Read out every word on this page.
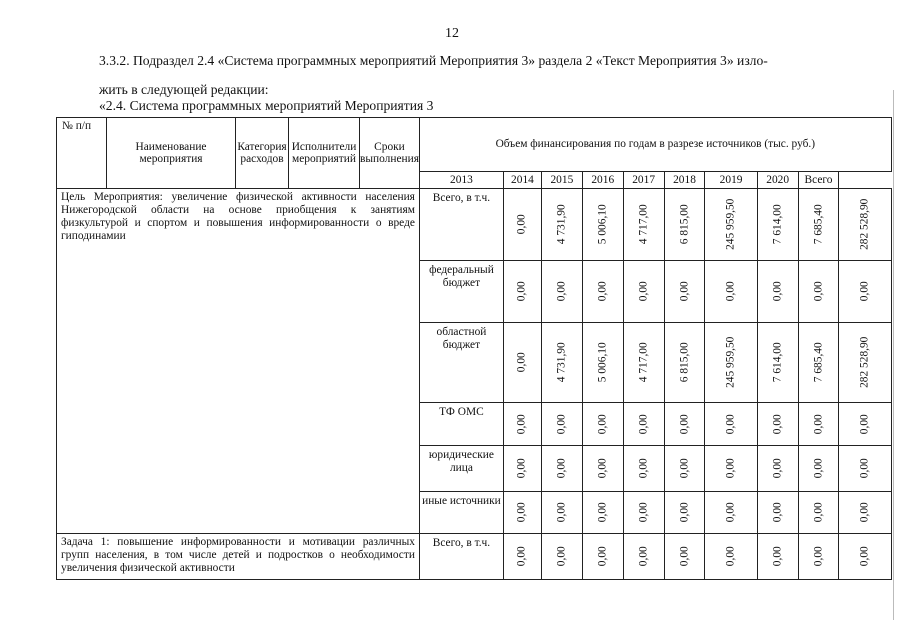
12
3.3.2. Подраздел 2.4 «Система программных мероприятий Мероприятия 3» раздела 2 «Текст Мероприятия 3» изло-
жить в следующей редакции:
«2.4. Система программных мероприятий Мероприятия 3
№ п/п	Наименование мероприятия	Категория расходов	Исполнители мероприятий	Сроки выполнения	Объем финансирования по годам в разрезе источников (тыс. руб.)									
					2013	2014	2015	2016	2017	2018	2019	2020	Всего	
Цель Мероприятия: увеличение физической активности населения Нижегородской области на основе приобщения к занятиям физкультурой и спортом и повышения информированности о вреде гиподинамии					Всего, в т.ч.	0,00	4 731,90	5 006,10	4 717,00	6 815,00	245 959,50	7 614,00	7 685,40	282 528,90
					федеральный бюджет	0,00	0,00	0,00	0,00	0,00	0,00	0,00	0,00	0,00
					областной бюджет	0,00	4 731,90	5 006,10	4 717,00	6 815,00	245 959,50	7 614,00	7 685,40	282 528,90
					ТФ ОМС	0,00	0,00	0,00	0,00	0,00	0,00	0,00	0,00	0,00
					юридические лица	0,00	0,00	0,00	0,00	0,00	0,00	0,00	0,00	0,00
					иные источники	0,00	0,00	0,00	0,00	0,00	0,00	0,00	0,00	0,00
Задача 1: повышение информированности и мотивации различных групп населения, в том числе детей и подростков о необходимости увеличения физической активности					Всего, в т.ч.	0,00	0,00	0,00	0,00	0,00	0,00	0,00	0,00	0,00
